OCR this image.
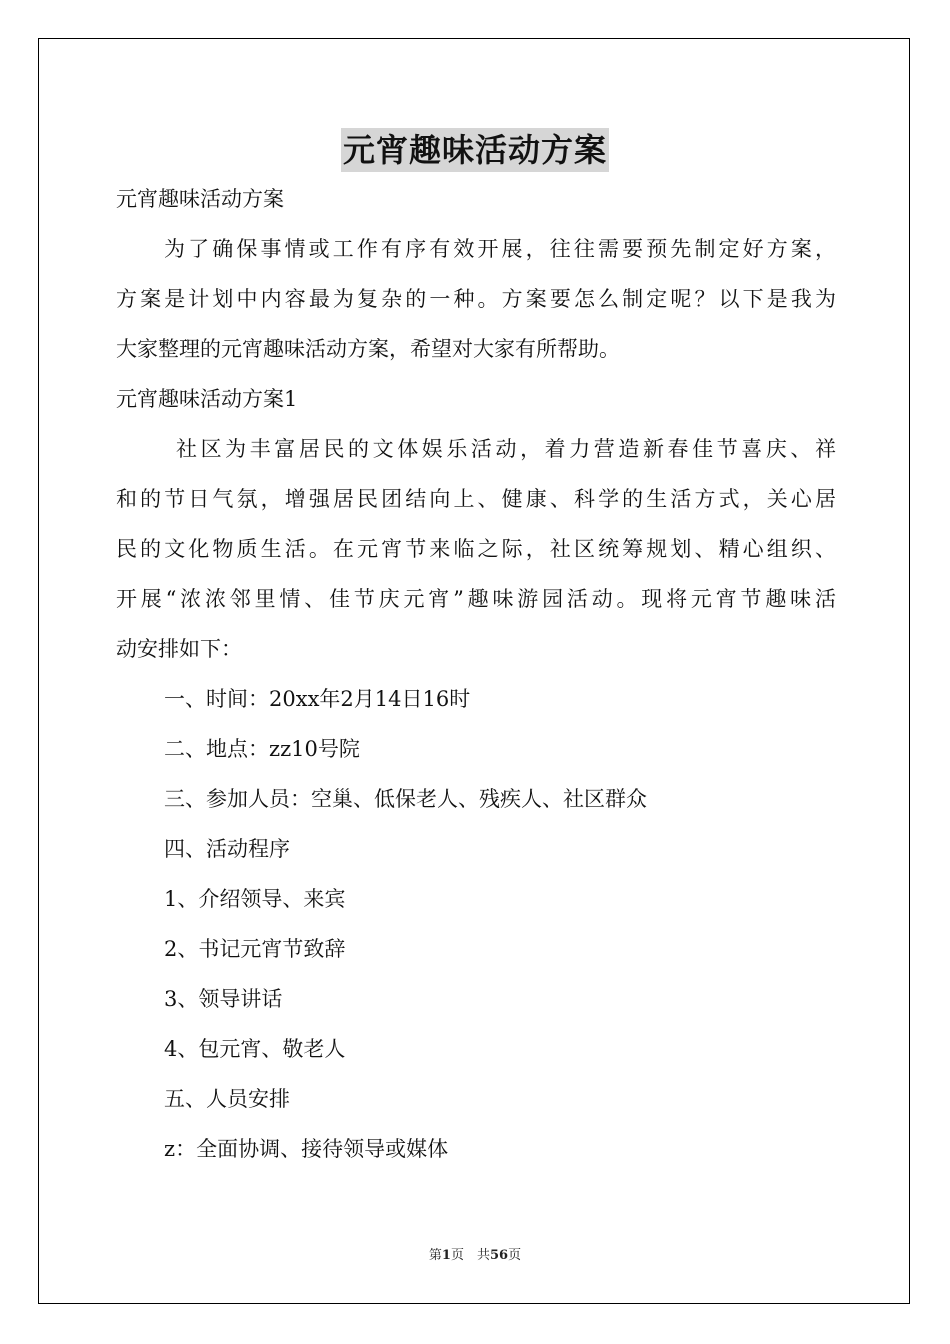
元宵趣味活动方案

元宵趣味活动方案

为了确保事情或工作有序有效开展，往往需要预先制定好方案，

方案是计划中内容最为复杂的一种。方案要怎么制定呢？以下是我为

大家整理的元宵趣味活动方案，希望对大家有所帮助。

元宵趣味活动方案1

社区为丰富居民的文体娱乐活动，着力营造新春佳节喜庆、祥

和的节日气氛，增强居民团结向上、健康、科学的生活方式，关心居

民的文化物质生活。在元宵节来临之际，社区统筹规划、精心组织、

开展“浓浓邻里情、佳节庆元宵”趣味游园活动。现将元宵节趣味活

动安排如下：

一、时间：20xx年2月14日16时

二、地点：zz10号院

三、参加人员：空巢、低保老人、残疾人、社区群众

四、活动程序

1、介绍领导、来宾

2、书记元宵节致辞

3、领导讲话

4、包元宵、敬老人

五、人员安排

z：全面协调、接待领导或媒体

第1页　共56页
